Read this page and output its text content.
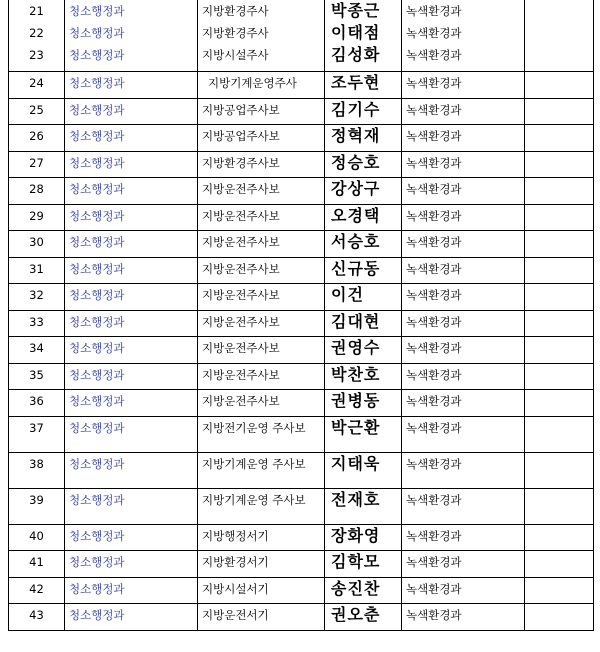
21	청소행정과	지방환경주사	박종근	녹색환경과	
22	청소행정과	지방환경주사	이태점	녹색환경과	
23	청소행정과	지방시설주사	김성화	녹색환경과	
24	청소행정과	지방기계운영주사	조두현	녹색환경과	
25	청소행정과	지방공업주사보	김기수	녹색환경과	
26	청소행정과	지방공업주사보	정혁재	녹색환경과	
27	청소행정과	지방환경주사보	정승호	녹색환경과	
28	청소행정과	지방운전주사보	강상구	녹색환경과	
29	청소행정과	지방운전주사보	오경택	녹색환경과	
30	청소행정과	지방운전주사보	서승호	녹색환경과	
31	청소행정과	지방운전주사보	신규동	녹색환경과	
32	청소행정과	지방운전주사보	이건	녹색환경과	
33	청소행정과	지방운전주사보	김대현	녹색환경과	
34	청소행정과	지방운전주사보	권영수	녹색환경과	
35	청소행정과	지방운전주사보	박찬호	녹색환경과	
36	청소행정과	지방운전주사보	권병동	녹색환경과	
37	청소행정과	지방전기운영 주사보	박근환	녹색환경과	
38	청소행정과	지방기계운영 주사보	지태욱	녹색환경과	
39	청소행정과	지방기계운영 주사보	전재호	녹색환경과	
40	청소행정과	지방행정서기	장화영	녹색환경과	
41	청소행정과	지방환경서기	김학모	녹색환경과	
42	청소행정과	지방시설서기	송진찬	녹색환경과	
43	청소행정과	지방운전서기	권오춘	녹색환경과	
